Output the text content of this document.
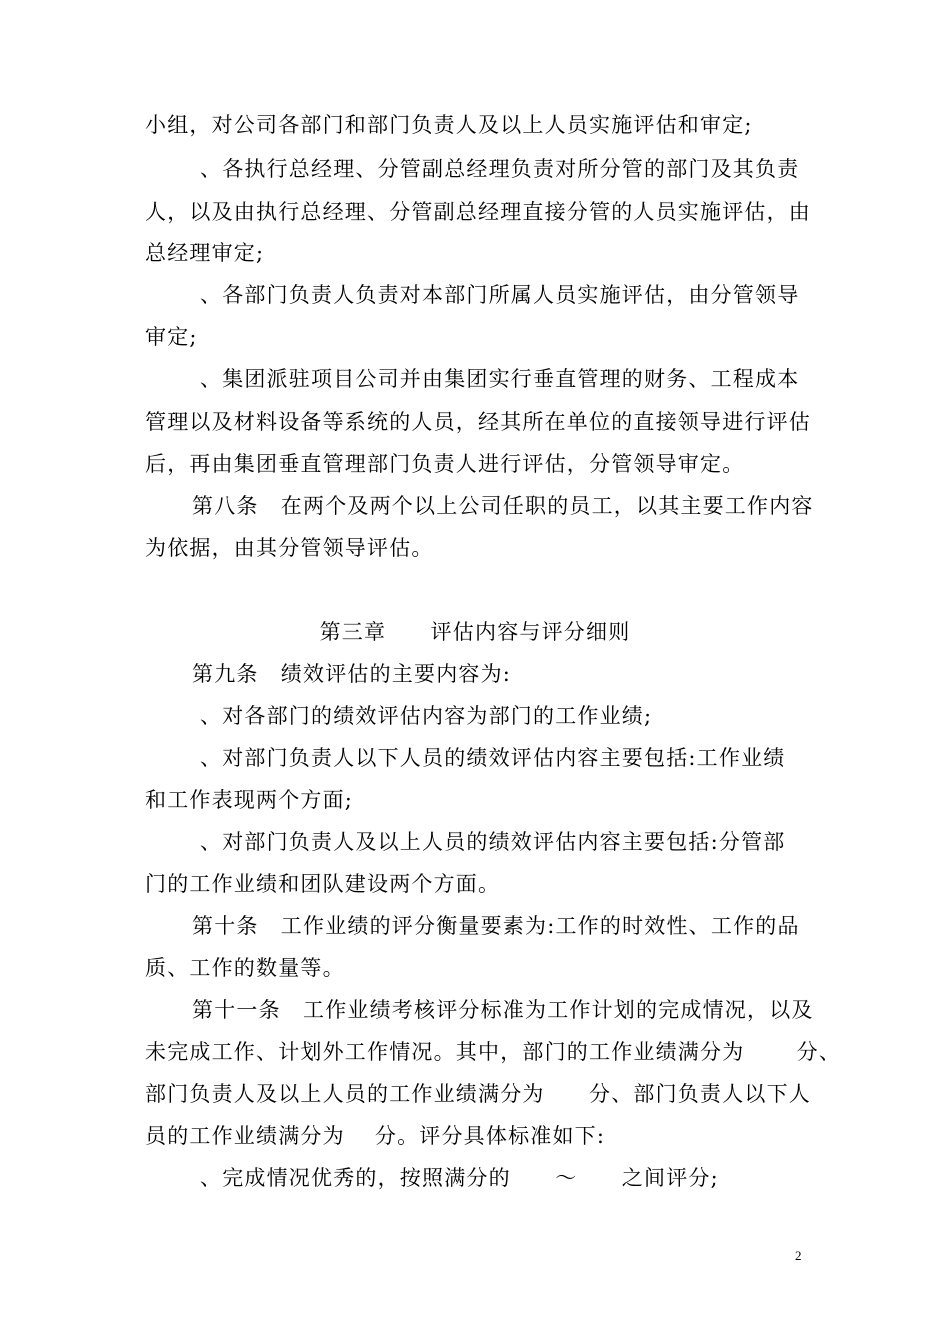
小组，对公司各部门和部门负责人及以上人员实施评估和审定;
、各执行总经理、分管副总经理负责对所分管的部门及其负责
人，以及由执行总经理、分管副总经理直接分管的人员实施评估，由
总经理审定;
、各部门负责人负责对本部门所属人员实施评估，由分管领导
审定;
、集团派驻项目公司并由集团实行垂直管理的财务、工程成本
管理以及材料设备等系统的人员，经其所在单位的直接领导进行评估
后，再由集团垂直管理部门负责人进行评估，分管领导审定。
第八条　在两个及两个以上公司任职的员工，以其主要工作内容
为依据，由其分管领导评估。
第三章　　评估内容与评分细则
第九条　绩效评估的主要内容为:
、对各部门的绩效评估内容为部门的工作业绩;
、对部门负责人以下人员的绩效评估内容主要包括:工作业绩
和工作表现两个方面;
、对部门负责人及以上人员的绩效评估内容主要包括:分管部
门的工作业绩和团队建设两个方面。
第十条　工作业绩的评分衡量要素为:工作的时效性、工作的品
质、工作的数量等。
第十一条　工作业绩考核评分标准为工作计划的完成情况，以及
未完成工作、计划外工作情况。其中，部门的工作业绩满分为　　 分、
部门负责人及以上人员的工作业绩满分为　　分、部门负责人以下人
员的工作业绩满分为　 分。评分具体标准如下:
、完成情况优秀的，按照满分的　　～　　之间评分;
2
